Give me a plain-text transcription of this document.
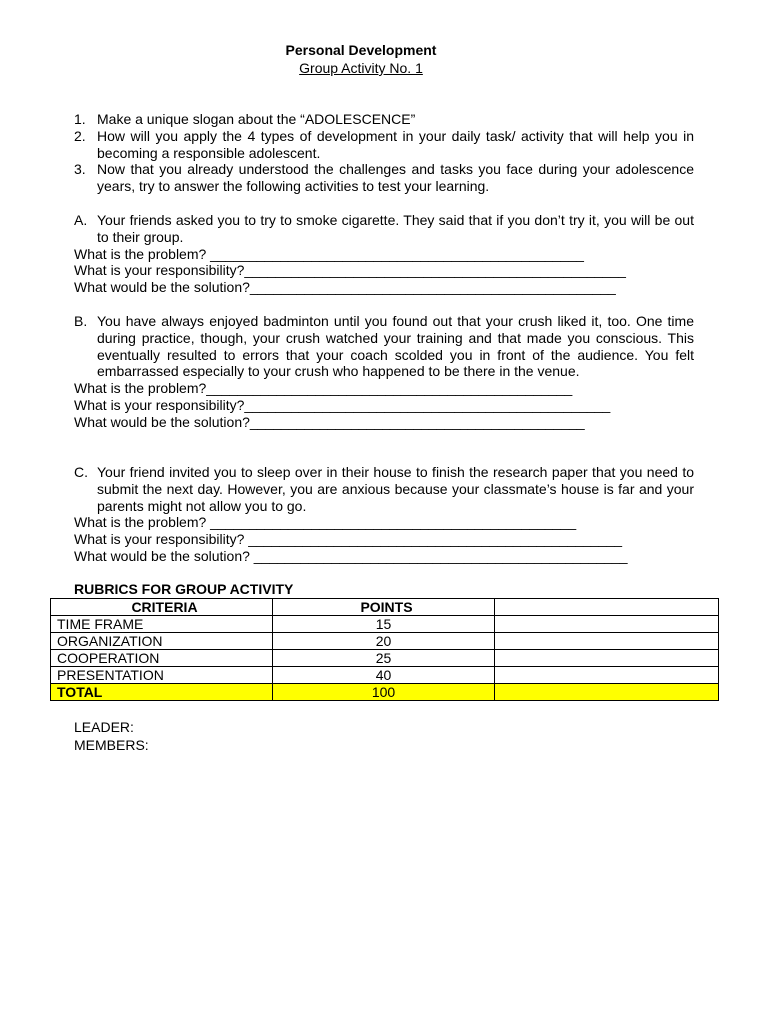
Personal Development
Group Activity No. 1
1. Make a unique slogan about the “ADOLESCENCE”
2. How will you apply the 4 types of development in your daily task/ activity that will help you in becoming a responsible adolescent.
3. Now that you already understood the challenges and tasks you face during your adolescence years, try to answer the following activities to test your learning.
A. Your friends asked you to try to smoke cigarette. They said that if you don’t try it, you will be out to their group.
What is the problem? ________________________________________________
What is your responsibility?_________________________________________________
What would be the solution?_______________________________________________
B. You have always enjoyed badminton until you found out that your crush liked it, too. One time during practice, though, your crush watched your training and that made you conscious. This eventually resulted to errors that your coach scolded you in front of the audience. You felt embarrassed especially to your crush who happened to be there in the venue.
What is the problem?_______________________________________________
What is your responsibility?_______________________________________________
What would be the solution?___________________________________________
C. Your friend invited you to sleep over in their house to finish the research paper that you need to submit the next day. However, you are anxious because your classmate’s house is far and your parents might not allow you to go.
What is the problem? _______________________________________________
What is your responsibility? ________________________________________________
What would be the solution? ________________________________________________
RUBRICS FOR GROUP ACTIVITY
CRITERIA	POINTS	
TIME FRAME	15	
ORGANIZATION	20	
COOPERATION	25	
PRESENTATION	40	
TOTAL	100	
LEADER:
MEMBERS:
